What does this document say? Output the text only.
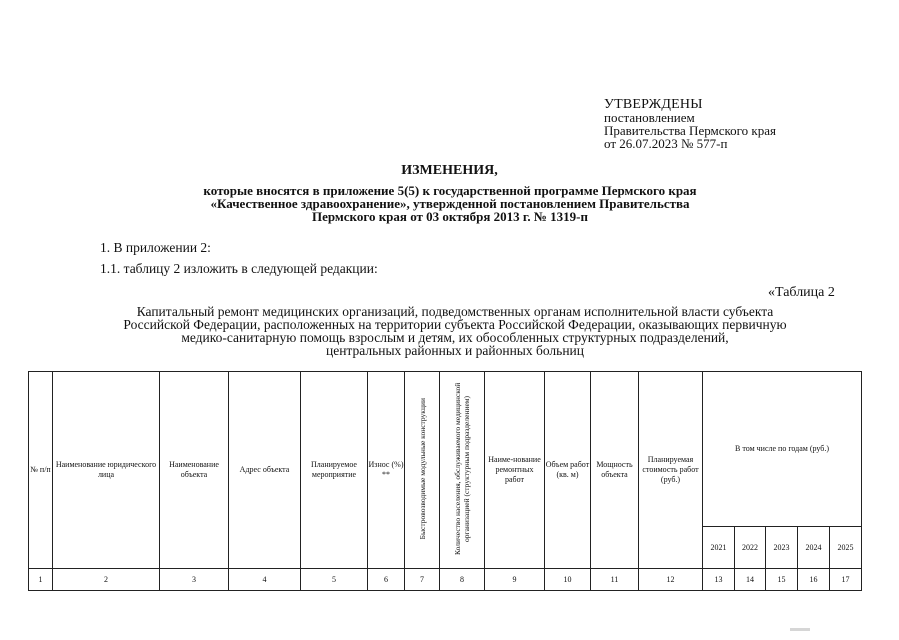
УТВЕРЖДЕНЫ
постановлением
Правительства Пермского края
от 26.07.2023 № 577-п
ИЗМЕНЕНИЯ,
которые вносятся в приложение 5(5) к государственной программе Пермского края
«Качественное здравоохранение», утвержденной постановлением Правительства
Пермского края от 03 октября 2013 г. № 1319-п
1. В приложении 2:
1.1. таблицу 2 изложить в следующей редакции:
«Таблица 2
Капитальный ремонт медицинских организаций, подведомственных органам исполнительной власти субъекта
Российской Федерации, расположенных на территории субъекта Российской Федерации, оказывающих первичную
медико-санитарную помощь взрослым и детям, их обособленных структурных подразделений,
центральных районных и районных больниц
№ п/п	Наименование юридического лица	Наименование объекта	Адрес объекта	Планируемое мероприятие	Износ (%) **	Быстровозводимые модульные конструкции	Количество населения, обслуживаемого медицинской организацией (структурным подразделением)	Наиме-нование ремонтных работ	Объем работ (кв. м)	Мощность объекта	Планируемая стоимость работ (руб.)	В том числе по годам (руб.)				
												2021	2022	2023	2024	2025
1	2	3	4	5	6	7	8	9	10	11	12	13	14	15	16	17
